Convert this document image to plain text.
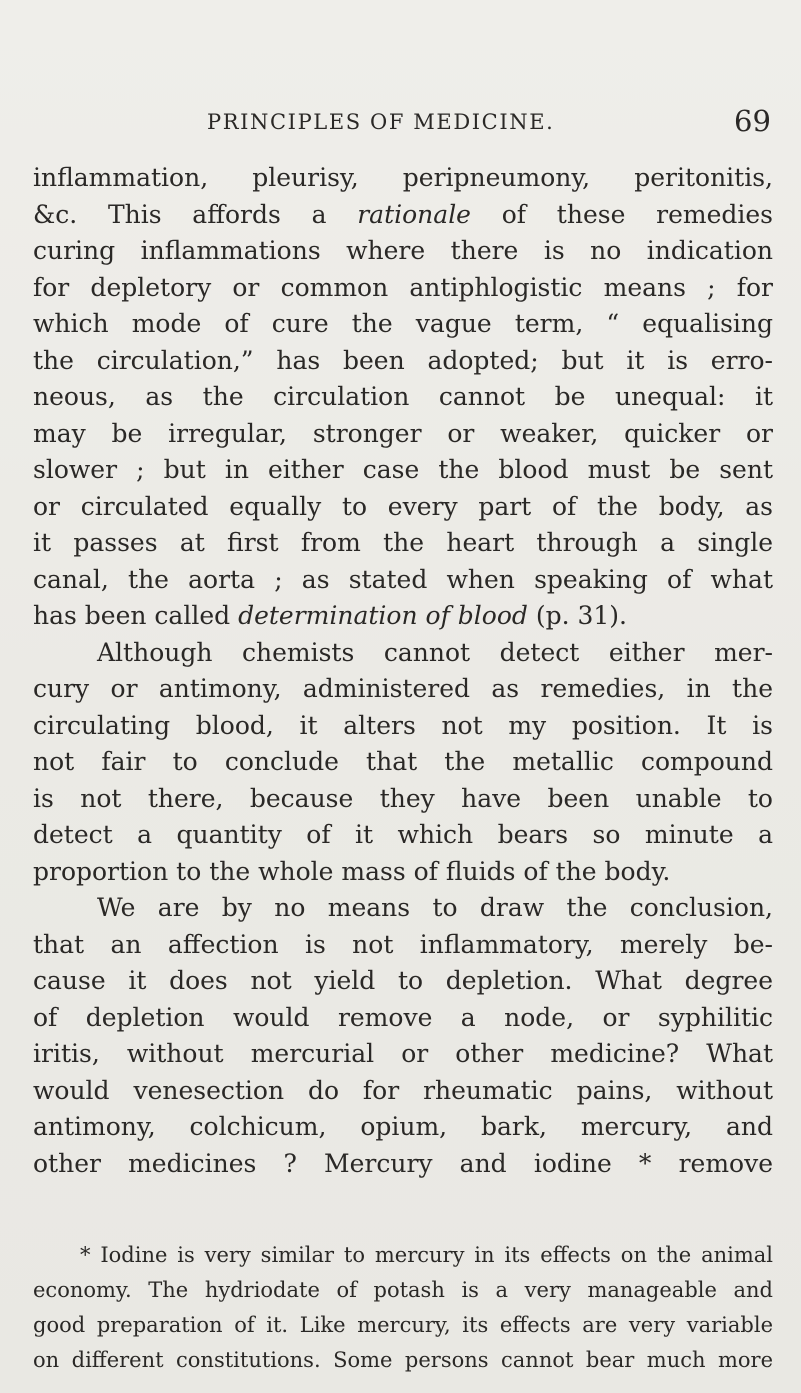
PRINCIPLES OF MEDICINE.	69
inflammation, pleurisy, peripneumony, peritonitis,
&c. This affords a rationale of these remedies
curing inflammations where there is no indication
for depletory or common antiphlogistic means ; for
which mode of cure the vague term, “ equalising
the circulation,” has been adopted; but it is erro-
neous, as the circulation cannot be unequal: it
may be irregular, stronger or weaker, quicker or
slower ; but in either case the blood must be sent
or circulated equally to every part of the body, as
it passes at first from the heart through a single
canal, the aorta ; as stated when speaking of what
has been called determination of blood (p. 31).
Although chemists cannot detect either mer-
cury or antimony, administered as remedies, in the
circulating blood, it alters not my position. It is
not fair to conclude that the metallic compound
is not there, because they have been unable to
detect a quantity of it which bears so minute a
proportion to the whole mass of fluids of the body.
We are by no means to draw the conclusion,
that an affection is not inflammatory, merely be-
cause it does not yield to depletion. What degree
of depletion would remove a node, or syphilitic
iritis, without mercurial or other medicine? What
would venesection do for rheumatic pains, without
antimony, colchicum, opium, bark, mercury, and
other medicines ? Mercury and iodine * remove
* Iodine is very similar to mercury in its effects on the animal
economy. The hydriodate of potash is a very manageable and
good preparation of it. Like mercury, its effects are very variable
on different constitutions. Some persons cannot bear much more
